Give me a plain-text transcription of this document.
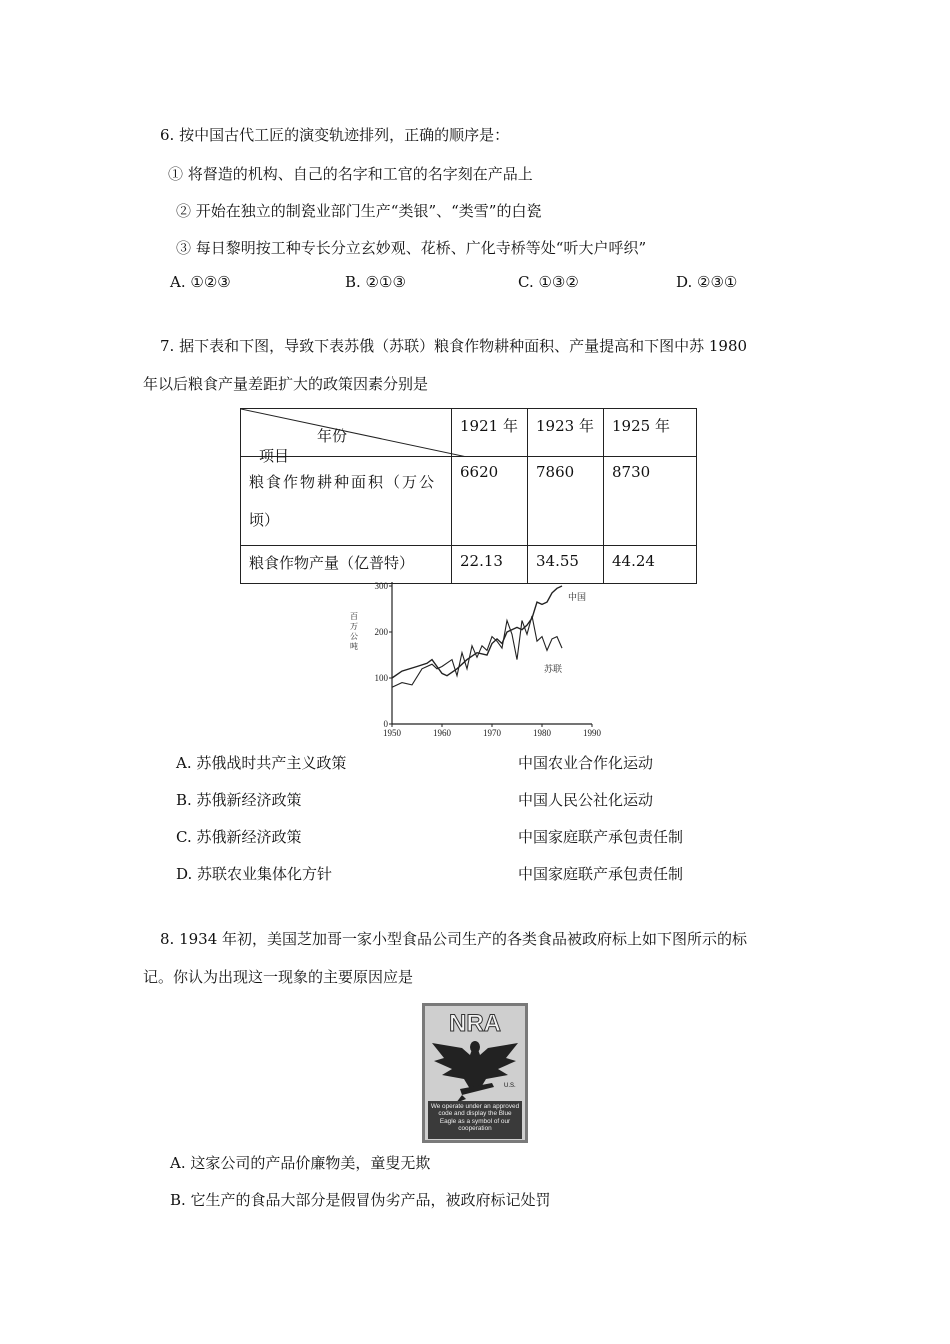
6. 按中国古代工匠的演变轨迹排列，正确的顺序是：
① 将督造的机构、自己的名字和工官的名字刻在产品上
② 开始在独立的制瓷业部门生产“类银”、“类雪”的白瓷
③ 每日黎明按工种专长分立玄妙观、花桥、广化寺桥等处“听大户呼织”
A. ①②③	B. ②①③	C. ①③②	D. ②③①
7. 据下表和下图，导致下表苏俄（苏联）粮食作物耕种面积、产量提高和下图中苏 1980
年以后粮食产量差距扩大的政策因素分别是
年份
项目	1921 年	1923 年	1925 年

粮食作物耕种面积（万公
顷）	6620	7860	8730
粮食作物产量（亿普特）	22.13	34.55	44.24
1950	1960	1970	1980	1990
0
100
200
300
百万公吨
中国
苏联
A. 苏俄战时共产主义政策	中国农业合作化运动
B. 苏俄新经济政策	中国人民公社化运动
C. 苏俄新经济政策	中国家庭联产承包责任制
D. 苏联农业集体化方针	中国家庭联产承包责任制
8. 1934 年初，美国芝加哥一家小型食品公司生产的各类食品被政府标上如下图所示的标
记。你认为出现这一现象的主要原因应是
NRA
U.S.
We operate under an approved code and display the Blue Eagle as a symbol of our cooperation
A. 这家公司的产品价廉物美，童叟无欺
B. 它生产的食品大部分是假冒伪劣产品，被政府标记处罚
